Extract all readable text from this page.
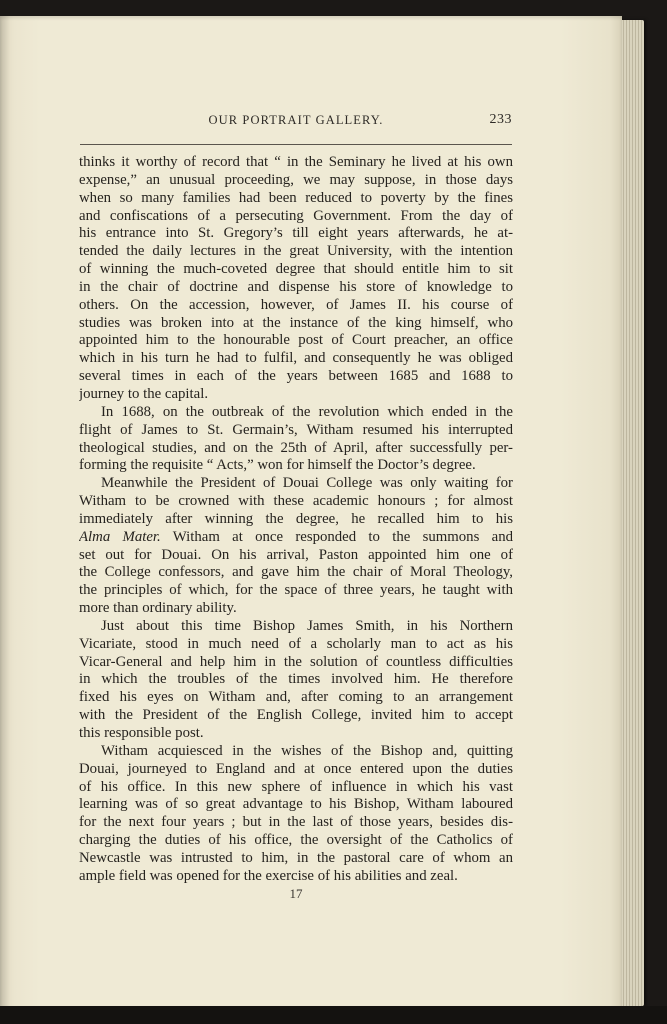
OUR PORTRAIT GALLERY.	233
thinks it worthy of record that “ in the Seminary he lived at his own
expense,” an unusual proceeding, we may suppose, in those days
when so many families had been reduced to poverty by the fines
and confiscations of a persecuting Government. From the day of
his entrance into St. Gregory’s till eight years afterwards, he at-
tended the daily lectures in the great University, with the intention
of winning the much-coveted degree that should entitle him to sit
in the chair of doctrine and dispense his store of knowledge to
others. On the accession, however, of James II. his course of
studies was broken into at the instance of the king himself, who
appointed him to the honourable post of Court preacher, an office
which in his turn he had to fulfil, and consequently he was obliged
several times in each of the years between 1685 and 1688 to
journey to the capital.
In 1688, on the outbreak of the revolution which ended in the
flight of James to St. Germain’s, Witham resumed his interrupted
theological studies, and on the 25th of April, after successfully per-
forming the requisite “ Acts,” won for himself the Doctor’s degree.
Meanwhile the President of Douai College was only waiting for
Witham to be crowned with these academic honours ; for almost
immediately after winning the degree, he recalled him to his
Alma Mater. Witham at once responded to the summons and
set out for Douai. On his arrival, Paston appointed him one of
the College confessors, and gave him the chair of Moral Theology,
the principles of which, for the space of three years, he taught with
more than ordinary ability.
Just about this time Bishop James Smith, in his Northern
Vicariate, stood in much need of a scholarly man to act as his
Vicar-General and help him in the solution of countless difficulties
in which the troubles of the times involved him. He therefore
fixed his eyes on Witham and, after coming to an arrangement
with the President of the English College, invited him to accept
this responsible post.
Witham acquiesced in the wishes of the Bishop and, quitting
Douai, journeyed to England and at once entered upon the duties
of his office. In this new sphere of influence in which his vast
learning was of so great advantage to his Bishop, Witham laboured
for the next four years ; but in the last of those years, besides dis-
charging the duties of his office, the oversight of the Catholics of
Newcastle was intrusted to him, in the pastoral care of whom an
ample field was opened for the exercise of his abilities and zeal.
17
